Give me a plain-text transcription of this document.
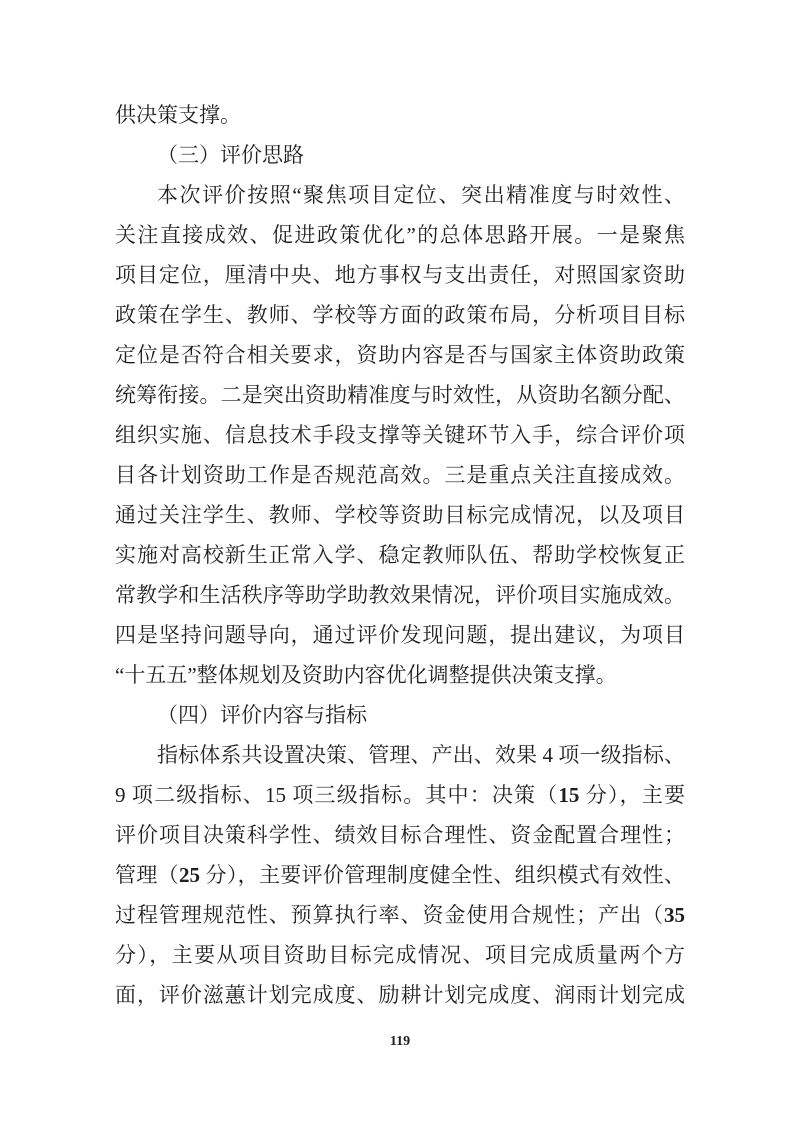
供决策支撑。
（三）评价思路
本次评价按照“聚焦项目定位、突出精准度与时效性、
关注直接成效、促进政策优化”的总体思路开展。一是聚焦
项目定位，厘清中央、地方事权与支出责任，对照国家资助
政策在学生、教师、学校等方面的政策布局，分析项目目标
定位是否符合相关要求，资助内容是否与国家主体资助政策
统筹衔接。二是突出资助精准度与时效性，从资助名额分配、
组织实施、信息技术手段支撑等关键环节入手，综合评价项
目各计划资助工作是否规范高效。三是重点关注直接成效。
通过关注学生、教师、学校等资助目标完成情况，以及项目
实施对高校新生正常入学、稳定教师队伍、帮助学校恢复正
常教学和生活秩序等助学助教效果情况，评价项目实施成效。
四是坚持问题导向，通过评价发现问题，提出建议，为项目
“十五五”整体规划及资助内容优化调整提供决策支撑。
（四）评价内容与指标
指标体系共设置决策、管理、产出、效果 4 项一级指标、
9 项二级指标、15 项三级指标。其中：决策（15 分），主要
评价项目决策科学性、绩效目标合理性、资金配置合理性；
管理（25 分），主要评价管理制度健全性、组织模式有效性、
过程管理规范性、预算执行率、资金使用合规性；产出（35
分），主要从项目资助目标完成情况、项目完成质量两个方
面，评价滋蕙计划完成度、励耕计划完成度、润雨计划完成
119
